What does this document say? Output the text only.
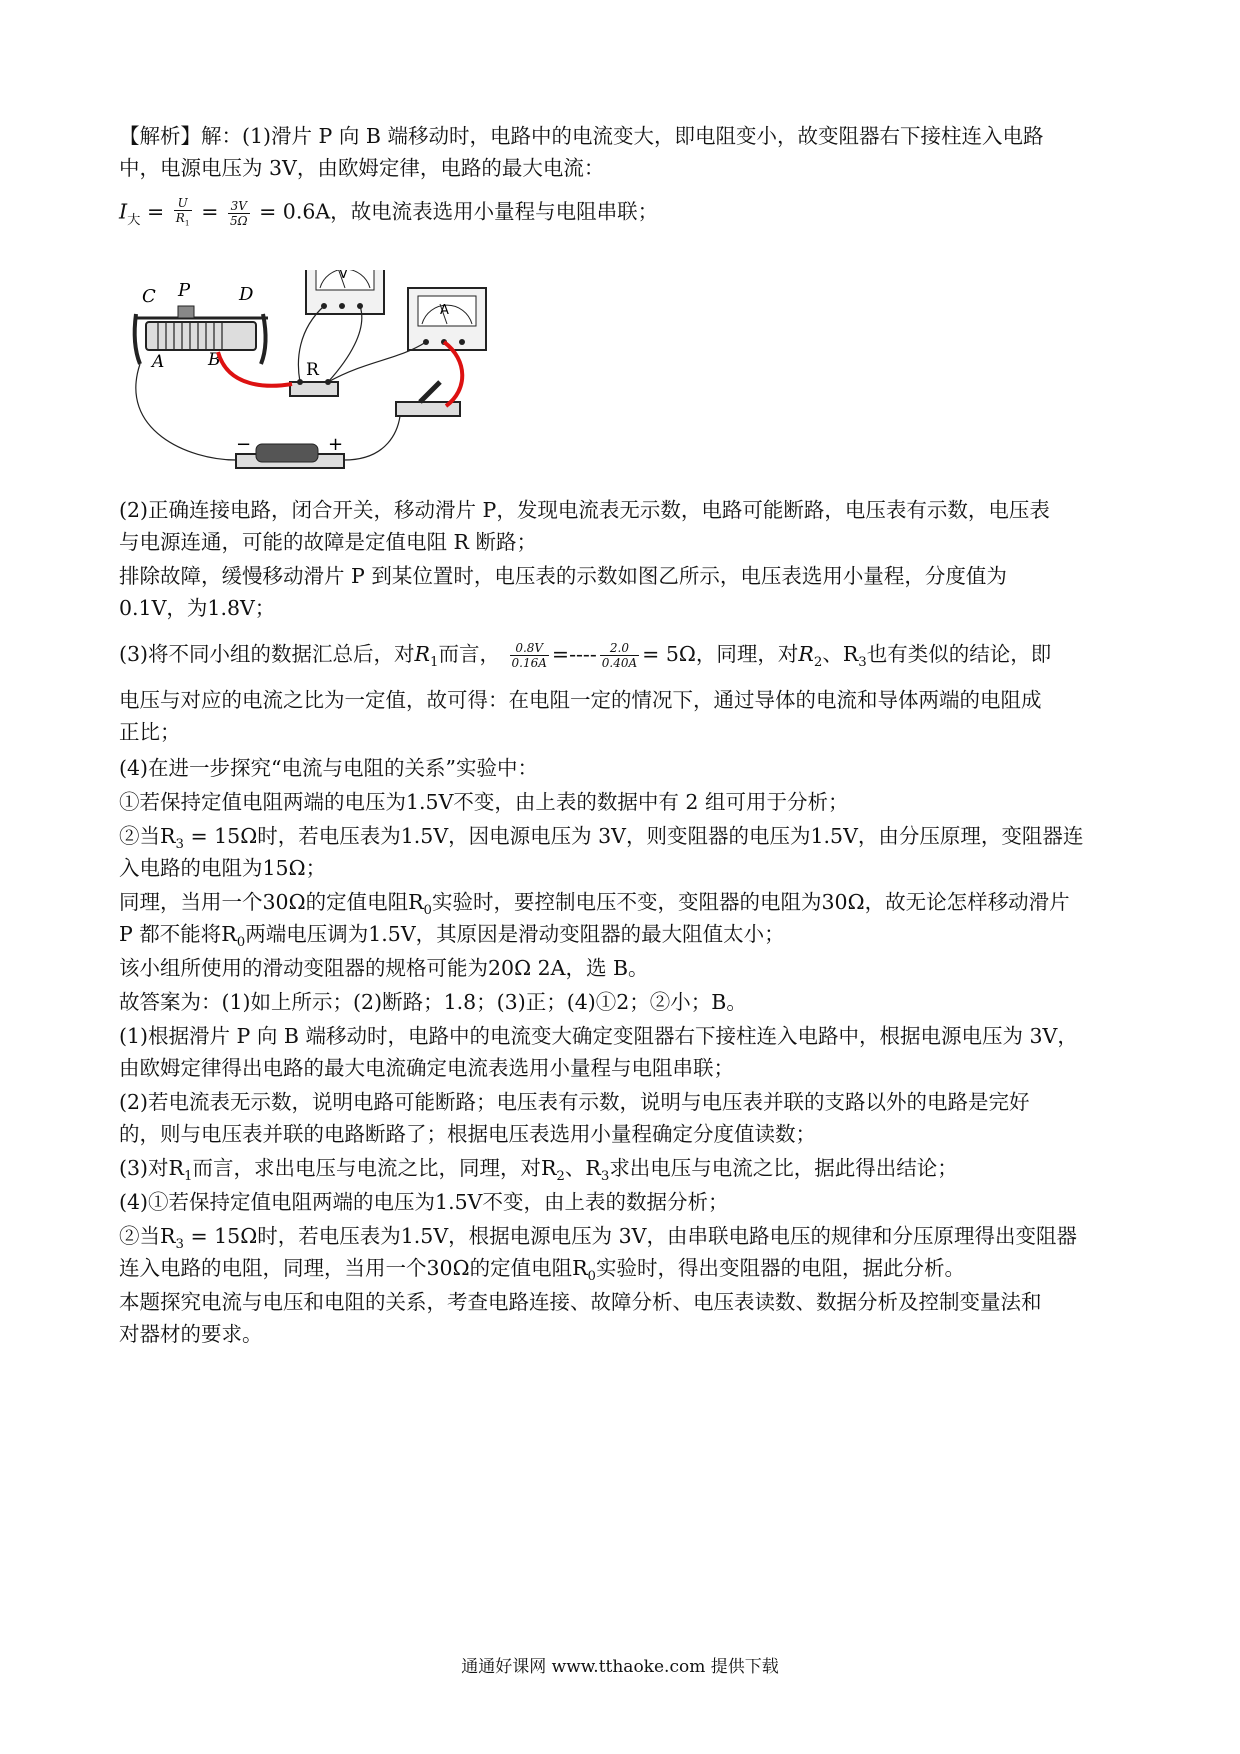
【解析】解：(1)滑片 P 向 B 端移动时，电路中的电流变大，即电阻变小，故变阻器右下接柱连入电路
中，电源电压为 3V，由欧姆定律，电路的最大电流：
$I_大 = \frac{U}{R_1} = \frac{3V}{5\Omega} = 0.6A$，故电流表选用小量程与电阻串联；
C P	D
A	B
V
A
R
−	+
(2)正确连接电路，闭合开关，移动滑片 P，发现电流表无示数，电路可能断路，电压表有示数，电压表
与电源连通，可能的故障是定值电阻 R 断路；
排除故障，缓慢移动滑片 P 到某位置时，电压表的示数如图乙所示，电压表选用小量程，分度值为
0.1V，为1.8V；
(3)将不同小组的数据汇总后，对$R_1$而言， $\frac{0.8V}{0.16A}$ =---- $\frac{2.0}{0.40A} = 5\Omega$，同理，对$R_2$、$R_3$也有类似的结论，即
电压与对应的电流之比为一定值，故可得：在电阻一定的情况下，通过导体的电流和导体两端的电阻成
正比；
(4)在进一步探究“电流与电阻的关系”实验中：
①若保持定值电阻两端的电压为1.5V不变，由上表的数据中有 2 组可用于分析；
②当$R_3 = 15\Omega$时，若电压表为1.5V，因电源电压为 3V，则变阻器的电压为1.5V，由分压原理，变阻器连
入电路的电阻为15Ω；
同理，当用一个30Ω的定值电阻$R_0$实验时，要控制电压不变，变阻器的电阻为30Ω，故无论怎样移动滑片
P 都不能将$R_0$两端电压调为1.5V，其原因是滑动变阻器的最大阻值太小；
该小组所使用的滑动变阻器的规格可能为20Ω 2A，选 B。
故答案为：(1)如上所示；(2)断路；1.8；(3)正；(4)①2；②小；B。
(1)根据滑片 P 向 B 端移动时，电路中的电流变大确定变阻器右下接柱连入电路中，根据电源电压为 3V，
由欧姆定律得出电路的最大电流确定电流表选用小量程与电阻串联；
(2)若电流表无示数，说明电路可能断路；电压表有示数，说明与电压表并联的支路以外的电路是完好
的，则与电压表并联的电路断路了；根据电压表选用小量程确定分度值读数；
(3)对$R_1$而言，求出电压与电流之比，同理，对$R_2$、$R_3$求出电压与电流之比，据此得出结论；
(4)①若保持定值电阻两端的电压为1.5V不变，由上表的数据分析；
②当$R_3 = 15\Omega$时，若电压表为1.5V，根据电源电压为 3V，由串联电路电压的规律和分压原理得出变阻器
连入电路的电阻，同理，当用一个30Ω的定值电阻$R_0$实验时，得出变阻器的电阻，据此分析。
本题探究电流与电压和电阻的关系，考查电路连接、故障分析、电压表读数、数据分析及控制变量法和
对器材的要求。
通通好课网 www.tthaoke.com 提供下载
